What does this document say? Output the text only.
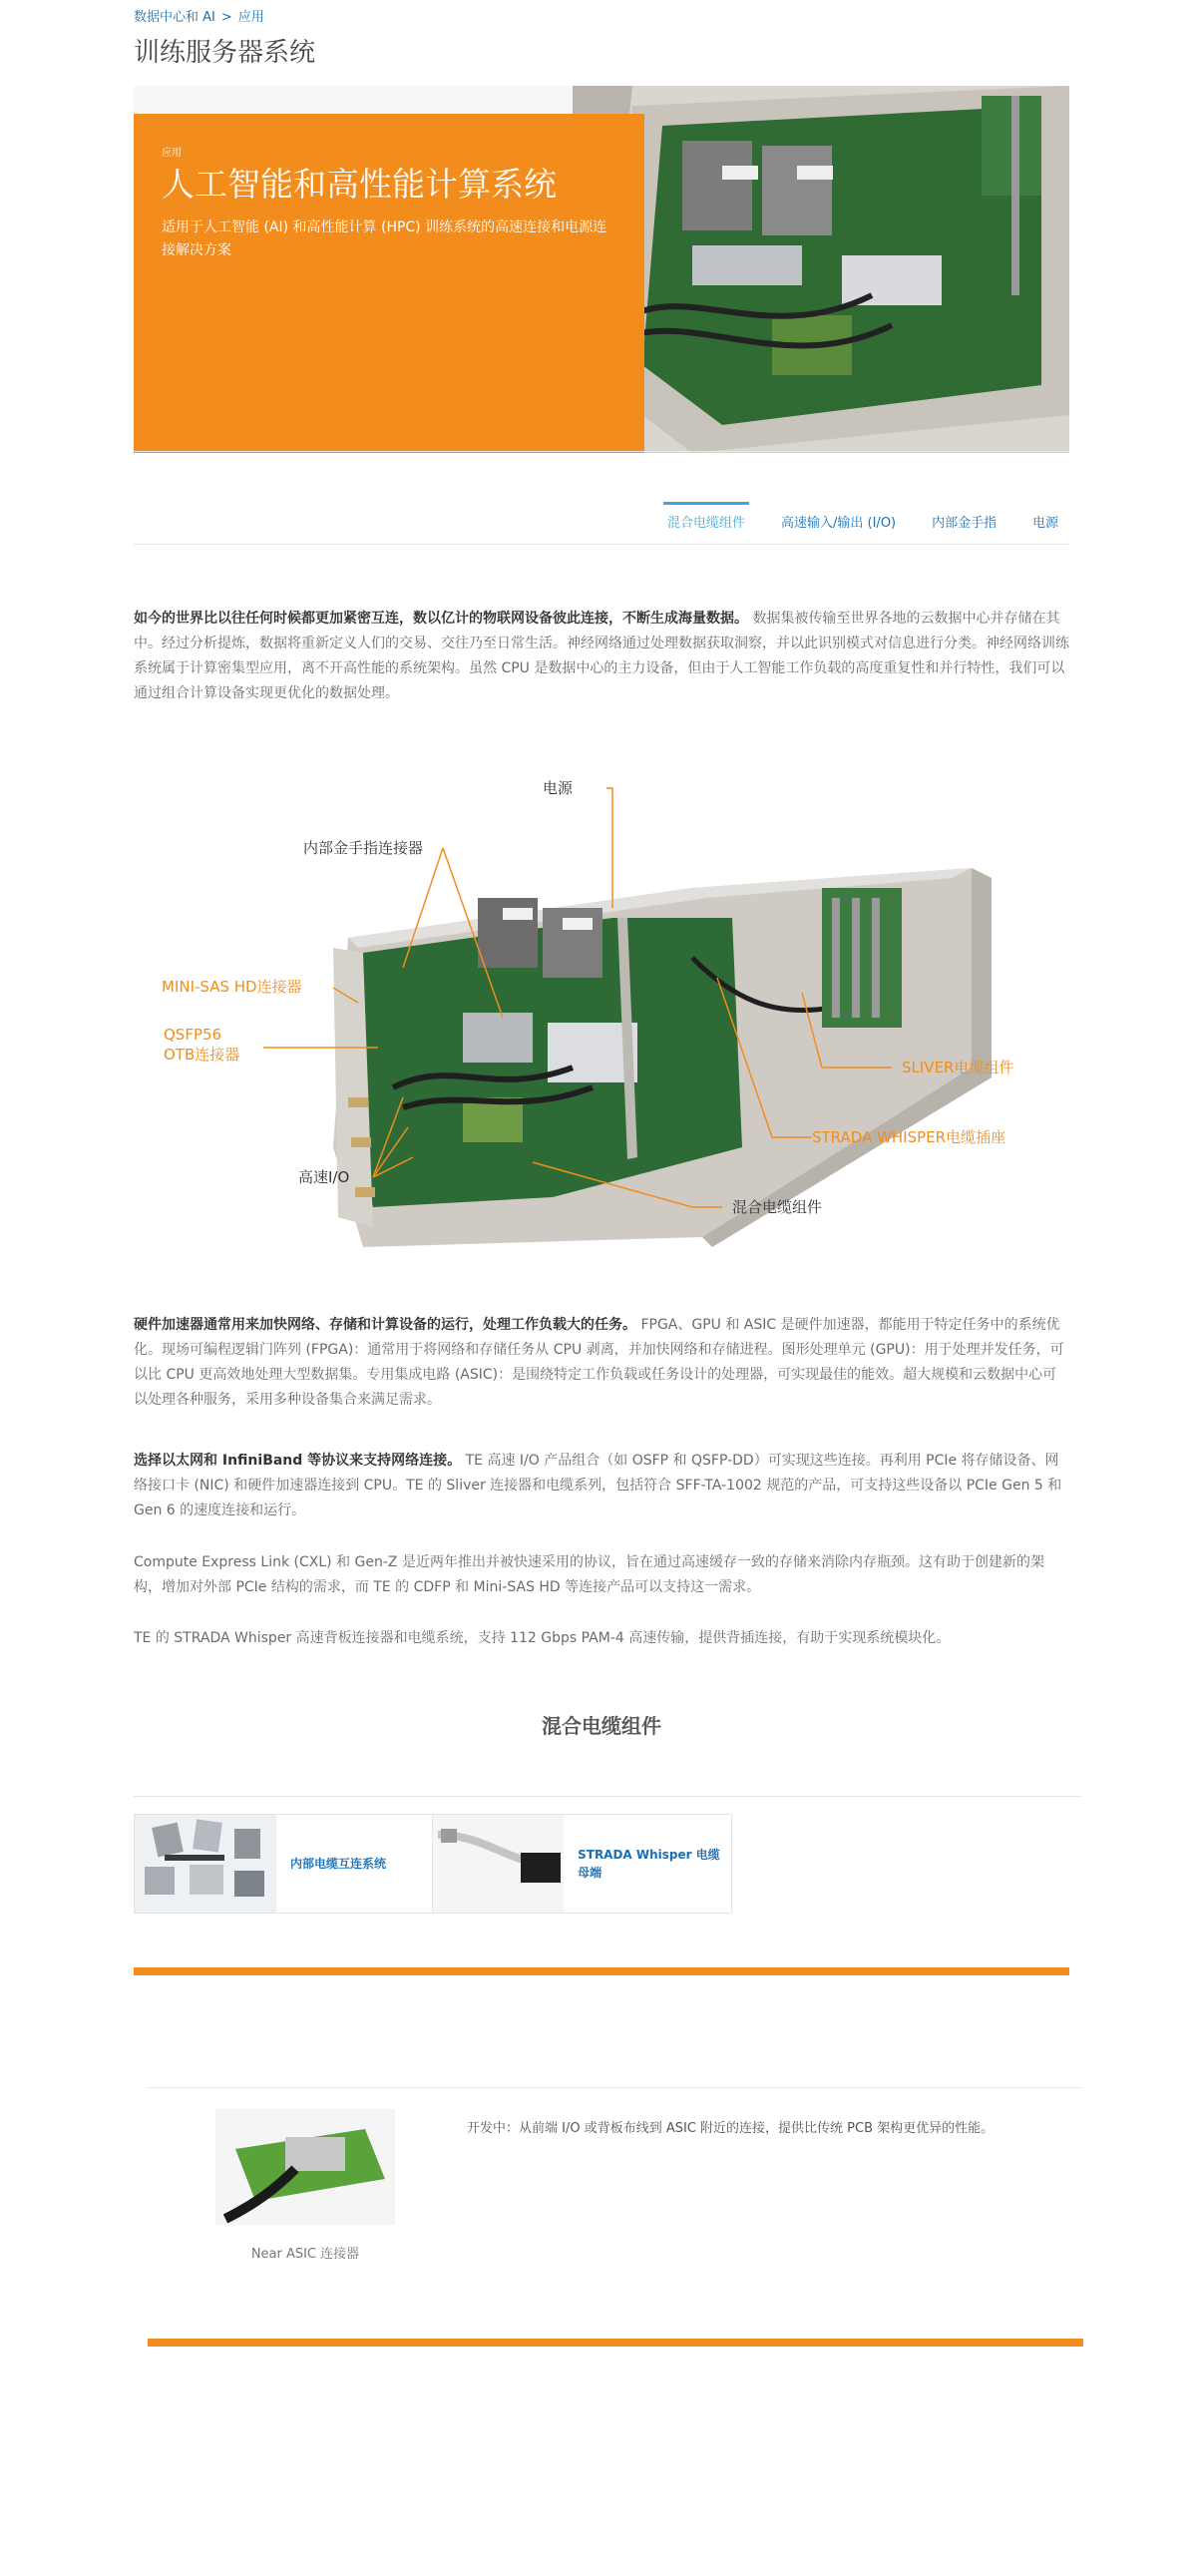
数据中心和 AI > 应用
训练服务器系统
应用
人工智能和高性能计算系统

适用于人工智能 (AI) 和高性能计算 (HPC) 训练系统的高速连接和电源连接解决方案

混合电缆组件	高速输入/输出 (I/O)	内部金手指	电源

如今的世界比以往任何时候都更加紧密互连，数以亿计的物联网设备彼此连接，不断生成海量数据。 数据集被传输至世界各地的云数据中心并存储在其中。经过分析提炼，数据将重新定义人们的交易、交往乃至日常生活。神经网络通过处理数据获取洞察，并以此识别模式对信息进行分类。神经网络训练系统属于计算密集型应用，离不开高性能的系统架构。虽然 CPU 是数据中心的主力设备，但由于人工智能工作负载的高度重复性和并行特性，我们可以通过组合计算设备实现更优化的数据处理。

电源
内部金手指连接器
MINI-SAS HD连接器
QSFP56
OTB连接器
高速I/O
SLIVER电缆组件
STRADA WHISPER电缆插座
混合电缆组件

硬件加速器通常用来加快网络、存储和计算设备的运行，处理工作负载大的任务。 FPGA、GPU 和 ASIC 是硬件加速器，都能用于特定任务中的系统优化。现场可编程逻辑门阵列 (FPGA)：通常用于将网络和存储任务从 CPU 剥离，并加快网络和存储进程。图形处理单元 (GPU)：用于处理并发任务，可以比 CPU 更高效地处理大型数据集。专用集成电路 (ASIC)：是围绕特定工作负载或任务设计的处理器，可实现最佳的能效。超大规模和云数据中心可以处理各种服务，采用多种设备集合来满足需求。

选择以太网和 InfiniBand 等协议来支持网络连接。 TE 高速 I/O 产品组合（如 OSFP 和 QSFP-DD）可实现这些连接。再利用 PCIe 将存储设备、网络接口卡 (NIC) 和硬件加速器连接到 CPU。TE 的 Sliver 连接器和电缆系列，包括符合 SFF-TA-1002 规范的产品，可支持这些设备以 PCIe Gen 5 和 Gen 6 的速度连接和运行。

Compute Express Link (CXL) 和 Gen-Z 是近两年推出并被快速采用的协议，旨在通过高速缓存一致的存储来消除内存瓶颈。这有助于创建新的架构，增加对外部 PCIe 结构的需求，而 TE 的 CDFP 和 Mini-SAS HD 等连接产品可以支持这一需求。

TE 的 STRADA Whisper 高速背板连接器和电缆系统，支持 112 Gbps PAM-4 高速传输，提供背插连接，有助于实现系统模块化。

混合电缆组件
内部电缆互连系统
STRADA Whisper 电缆母端
Near ASIC 连接器
开发中：从前端 I/O 或背板布线到 ASIC 附近的连接，提供比传统 PCB 架构更优异的性能。
